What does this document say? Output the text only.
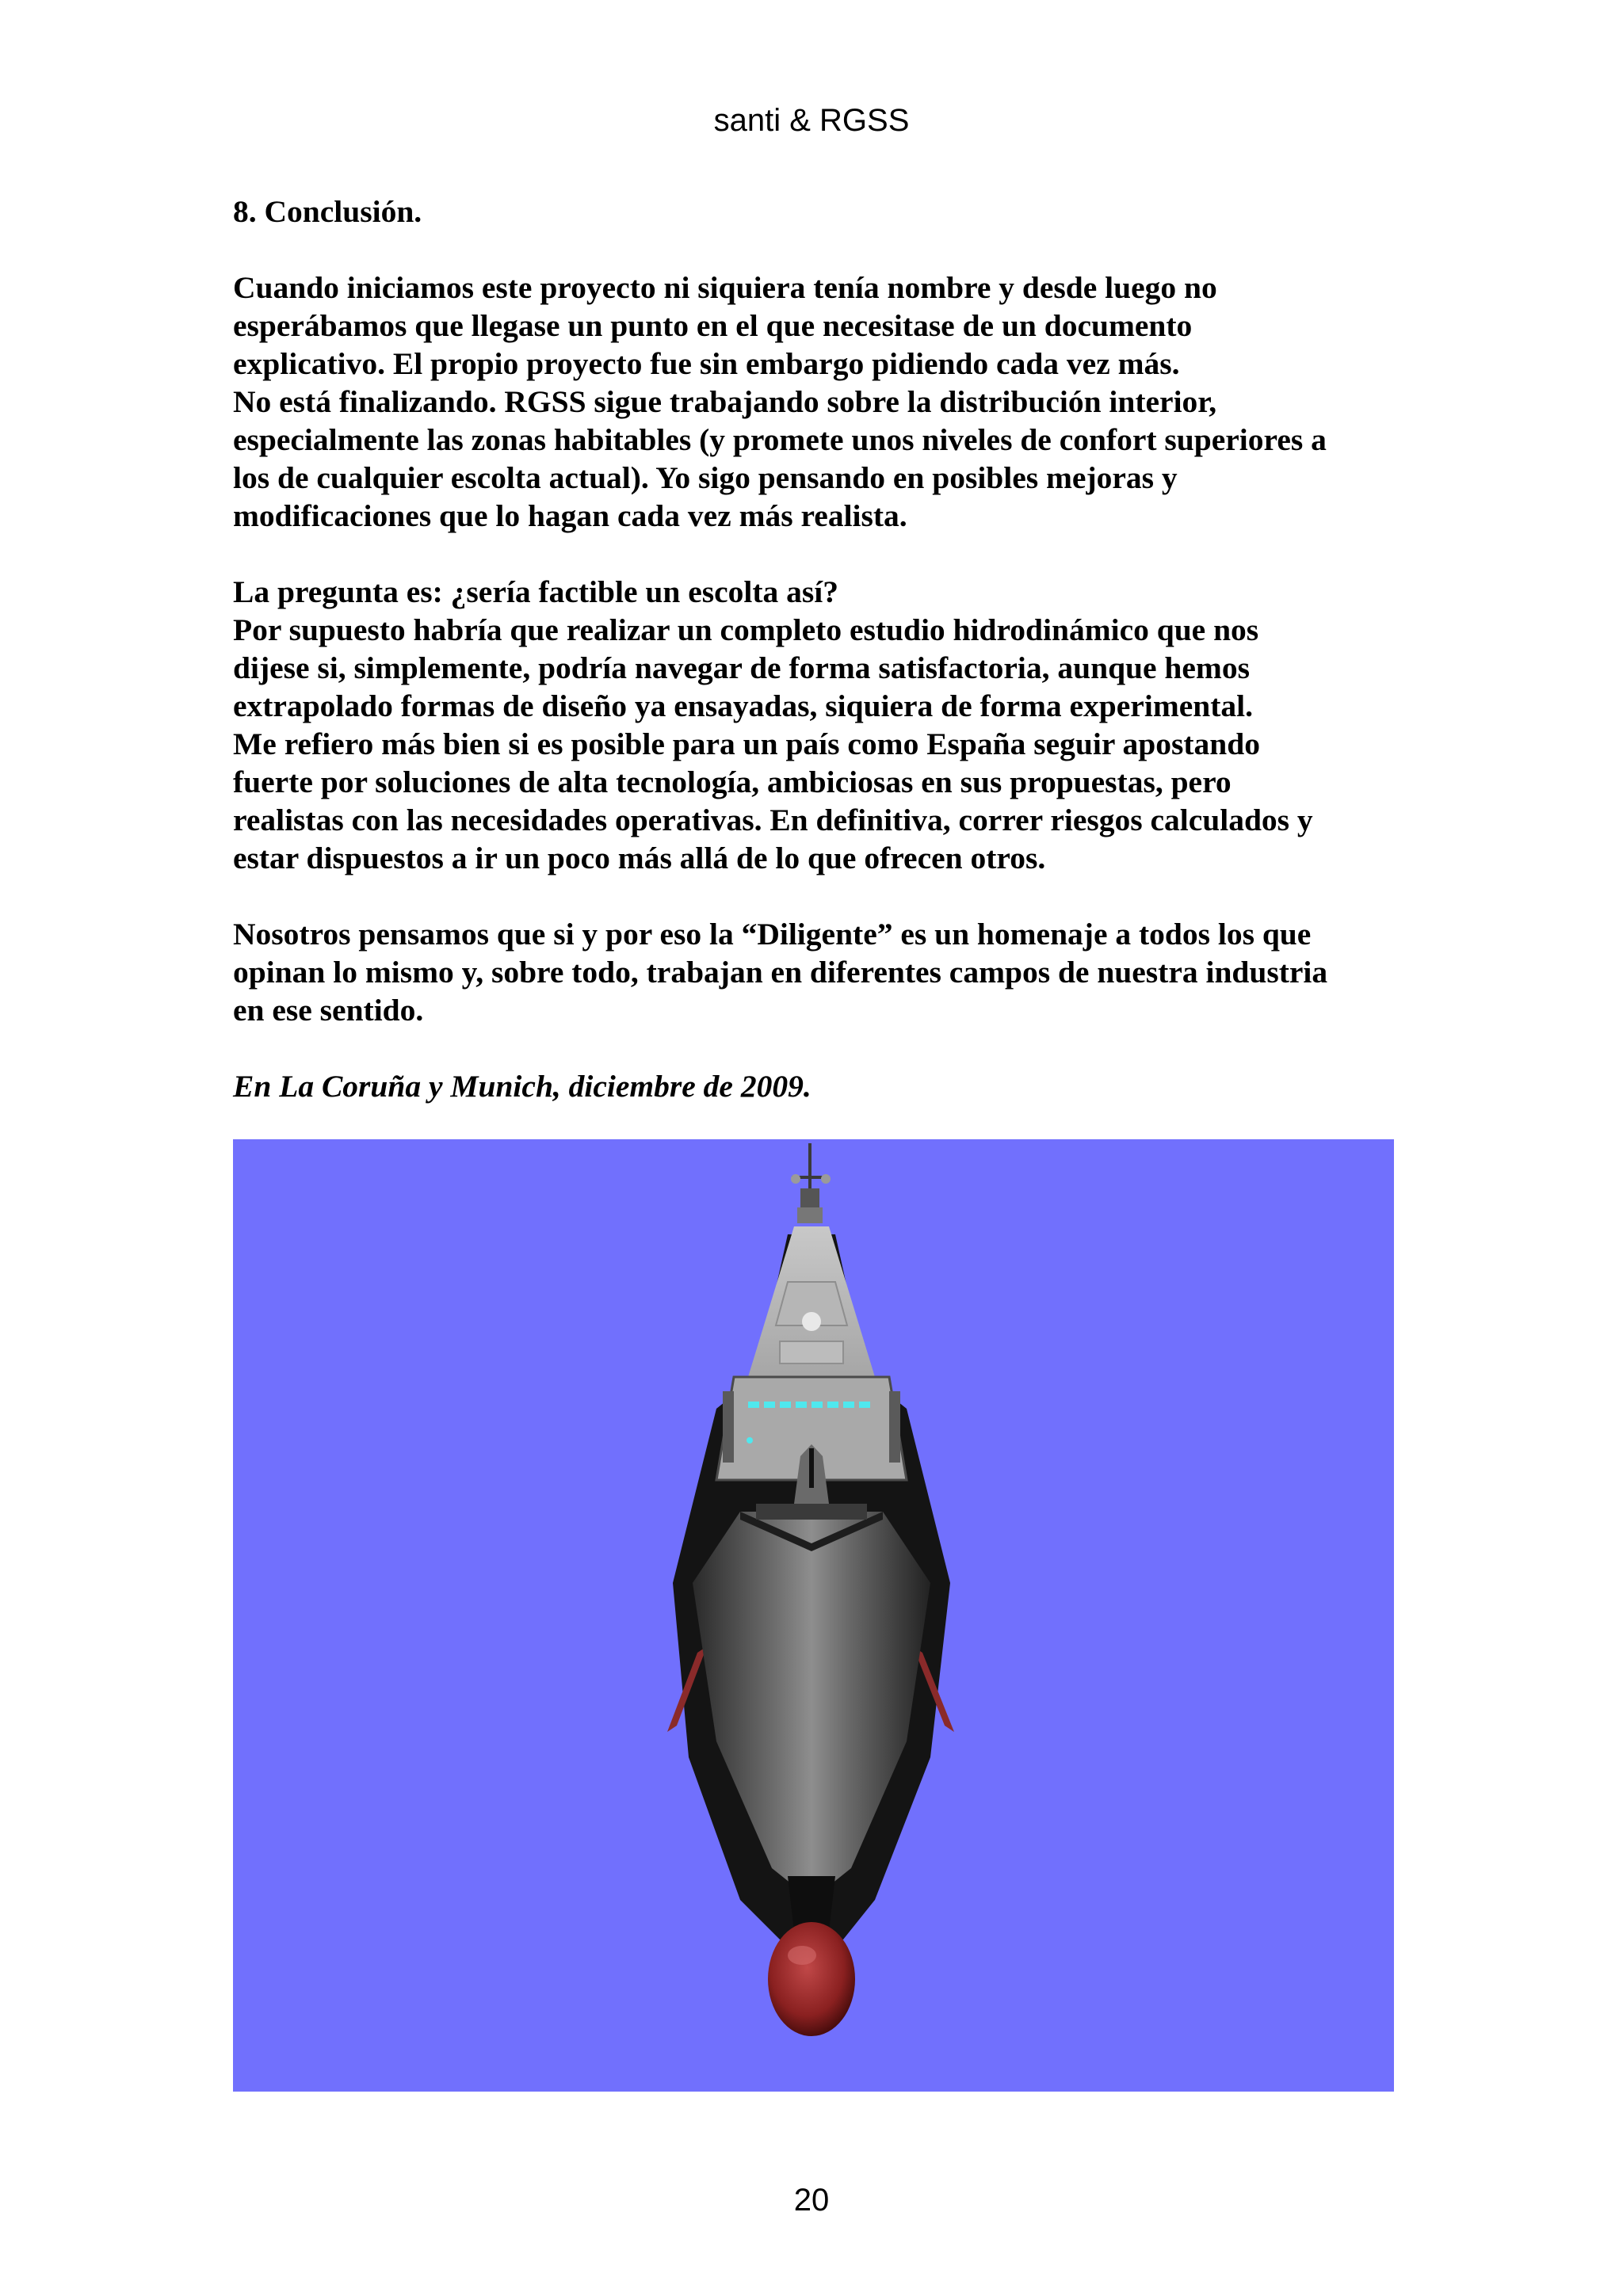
santi & RGSS

8. Conclusión.

Cuando iniciamos este proyecto ni siquiera tenía nombre y desde luego no

esperábamos que llegase un punto en el que necesitase de un documento

explicativo. El propio proyecto fue sin embargo pidiendo cada vez más.

No está finalizando. RGSS sigue trabajando sobre la distribución interior,

especialmente las zonas habitables (y promete unos niveles de confort superiores a

los de cualquier escolta actual). Yo sigo pensando en posibles mejoras y

modificaciones que lo hagan cada vez más realista.

La pregunta es: ¿sería factible un escolta así?

Por supuesto habría que realizar un completo estudio hidrodinámico que nos

dijese si, simplemente, podría navegar de forma satisfactoria, aunque hemos

extrapolado formas de diseño ya ensayadas, siquiera de forma experimental.

Me refiero más bien si es posible para un país como España seguir apostando

fuerte por soluciones de alta tecnología, ambiciosas en sus propuestas, pero

realistas con las necesidades operativas. En definitiva, correr riesgos calculados y

estar dispuestos a ir un poco más allá de lo que ofrecen otros.

Nosotros pensamos que si y por eso la “Diligente” es un homenaje a todos los que

opinan lo mismo y, sobre todo, trabajan en diferentes campos de nuestra industria

en ese sentido.

En La Coruña y Munich, diciembre de 2009.

20
